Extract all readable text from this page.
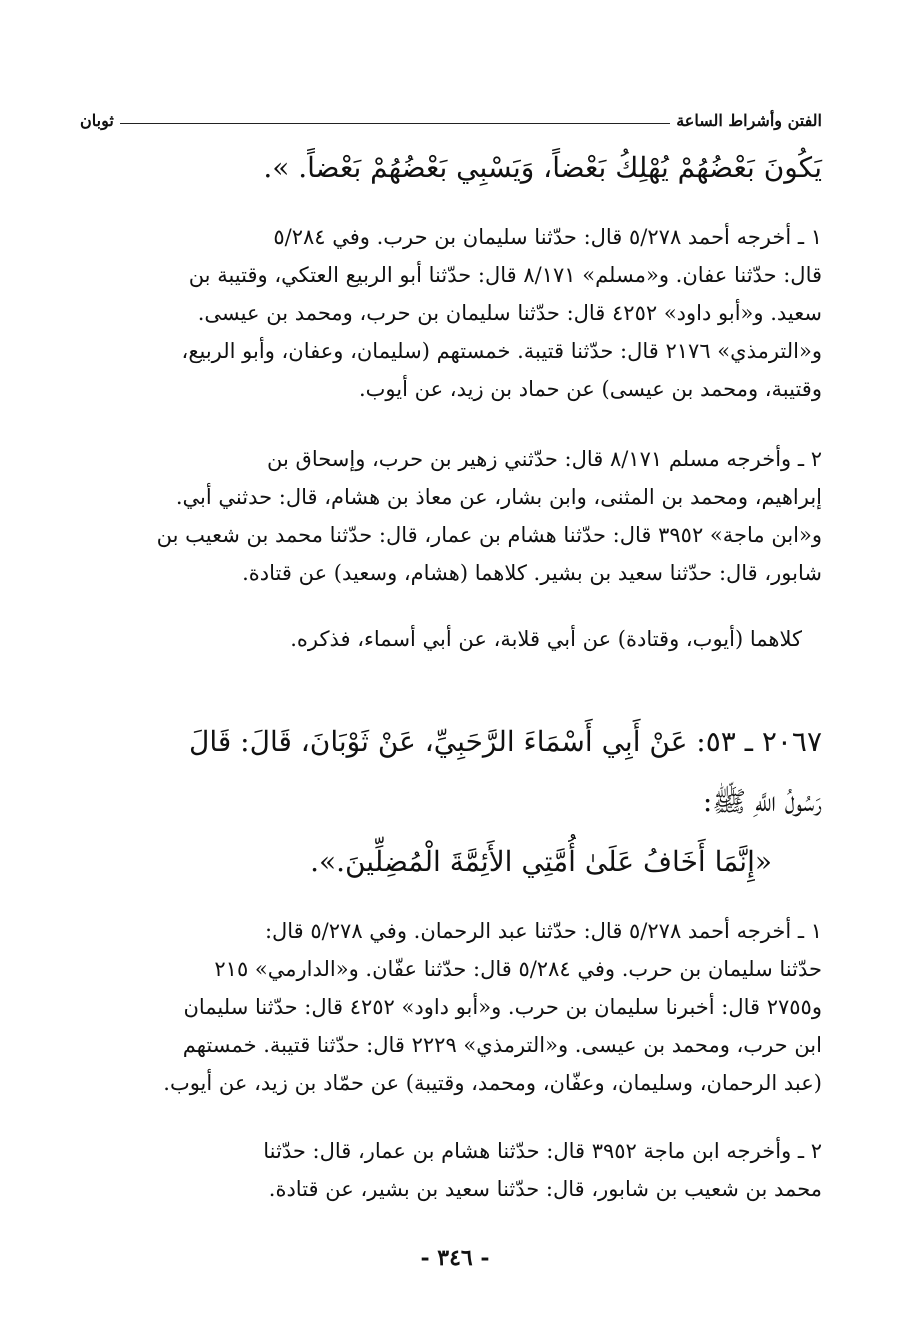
الفتن وأشراط الساعة
ثوبان
يَكُونَ بَعْضُهُمْ يُهْلِكُ بَعْضاً، وَيَسْبِي بَعْضُهُمْ بَعْضاً. ».
١ ـ أخرجه أحمد ٥/٢٧٨ قال: حدّثنا سليمان بن حرب. وفي ٥/٢٨٤
قال: حدّثنا عفان. و«مسلم» ٨/١٧١ قال: حدّثنا أبو الربيع العتكي، وقتيبة بن
سعيد. و«أبو داود» ٤٢٥٢ قال: حدّثنا سليمان بن حرب، ومحمد بن عيسى.
و«الترمذي» ٢١٧٦ قال: حدّثنا قتيبة. خمستهم (سليمان، وعفان، وأبو الربيع،
وقتيبة، ومحمد بن عيسى) عن حماد بن زيد، عن أيوب.
٢ ـ وأخرجه مسلم ٨/١٧١ قال: حدّثني زهير بن حرب، وإسحاق بن
إبراهيم، ومحمد بن المثنى، وابن بشار، عن معاذ بن هشام، قال: حدثني أبي.
و«ابن ماجة» ٣٩٥٢ قال: حدّثنا هشام بن عمار، قال: حدّثنا محمد بن شعيب بن
شابور، قال: حدّثنا سعيد بن بشير. كلاهما (هشام، وسعيد) عن قتادة.
كلاهما (أيوب، وقتادة) عن أبي قلابة، عن أبي أسماء، فذكره.
٢٠٦٧ ـ ٥٣: عَنْ أَبِي أَسْمَاءَ الرَّحَبِيِّ، عَنْ ثَوْبَانَ، قَالَ: قَالَ
رَسُولُ اللَّهِ ﷺ:
«إِنَّمَا أَخَافُ عَلَىٰ أُمَّتِي الأَئِمَّةَ الْمُضِلِّينَ.».
١ ـ أخرجه أحمد ٥/٢٧٨ قال: حدّثنا عبد الرحمان. وفي ٥/٢٧٨ قال:
حدّثنا سليمان بن حرب. وفي ٥/٢٨٤ قال: حدّثنا عفّان. و«الدارمي» ٢١٥
و٢٧٥٥ قال: أخبرنا سليمان بن حرب. و«أبو داود» ٤٢٥٢ قال: حدّثنا سليمان
ابن حرب، ومحمد بن عيسى. و«الترمذي» ٢٢٢٩ قال: حدّثنا قتيبة. خمستهم
(عبد الرحمان، وسليمان، وعفّان، ومحمد، وقتيبة) عن حمّاد بن زيد، عن أيوب.
٢ ـ وأخرجه ابن ماجة ٣٩٥٢ قال: حدّثنا هشام بن عمار، قال: حدّثنا
محمد بن شعيب بن شابور، قال: حدّثنا سعيد بن بشير، عن قتادة.
- ٣٤٦ -
